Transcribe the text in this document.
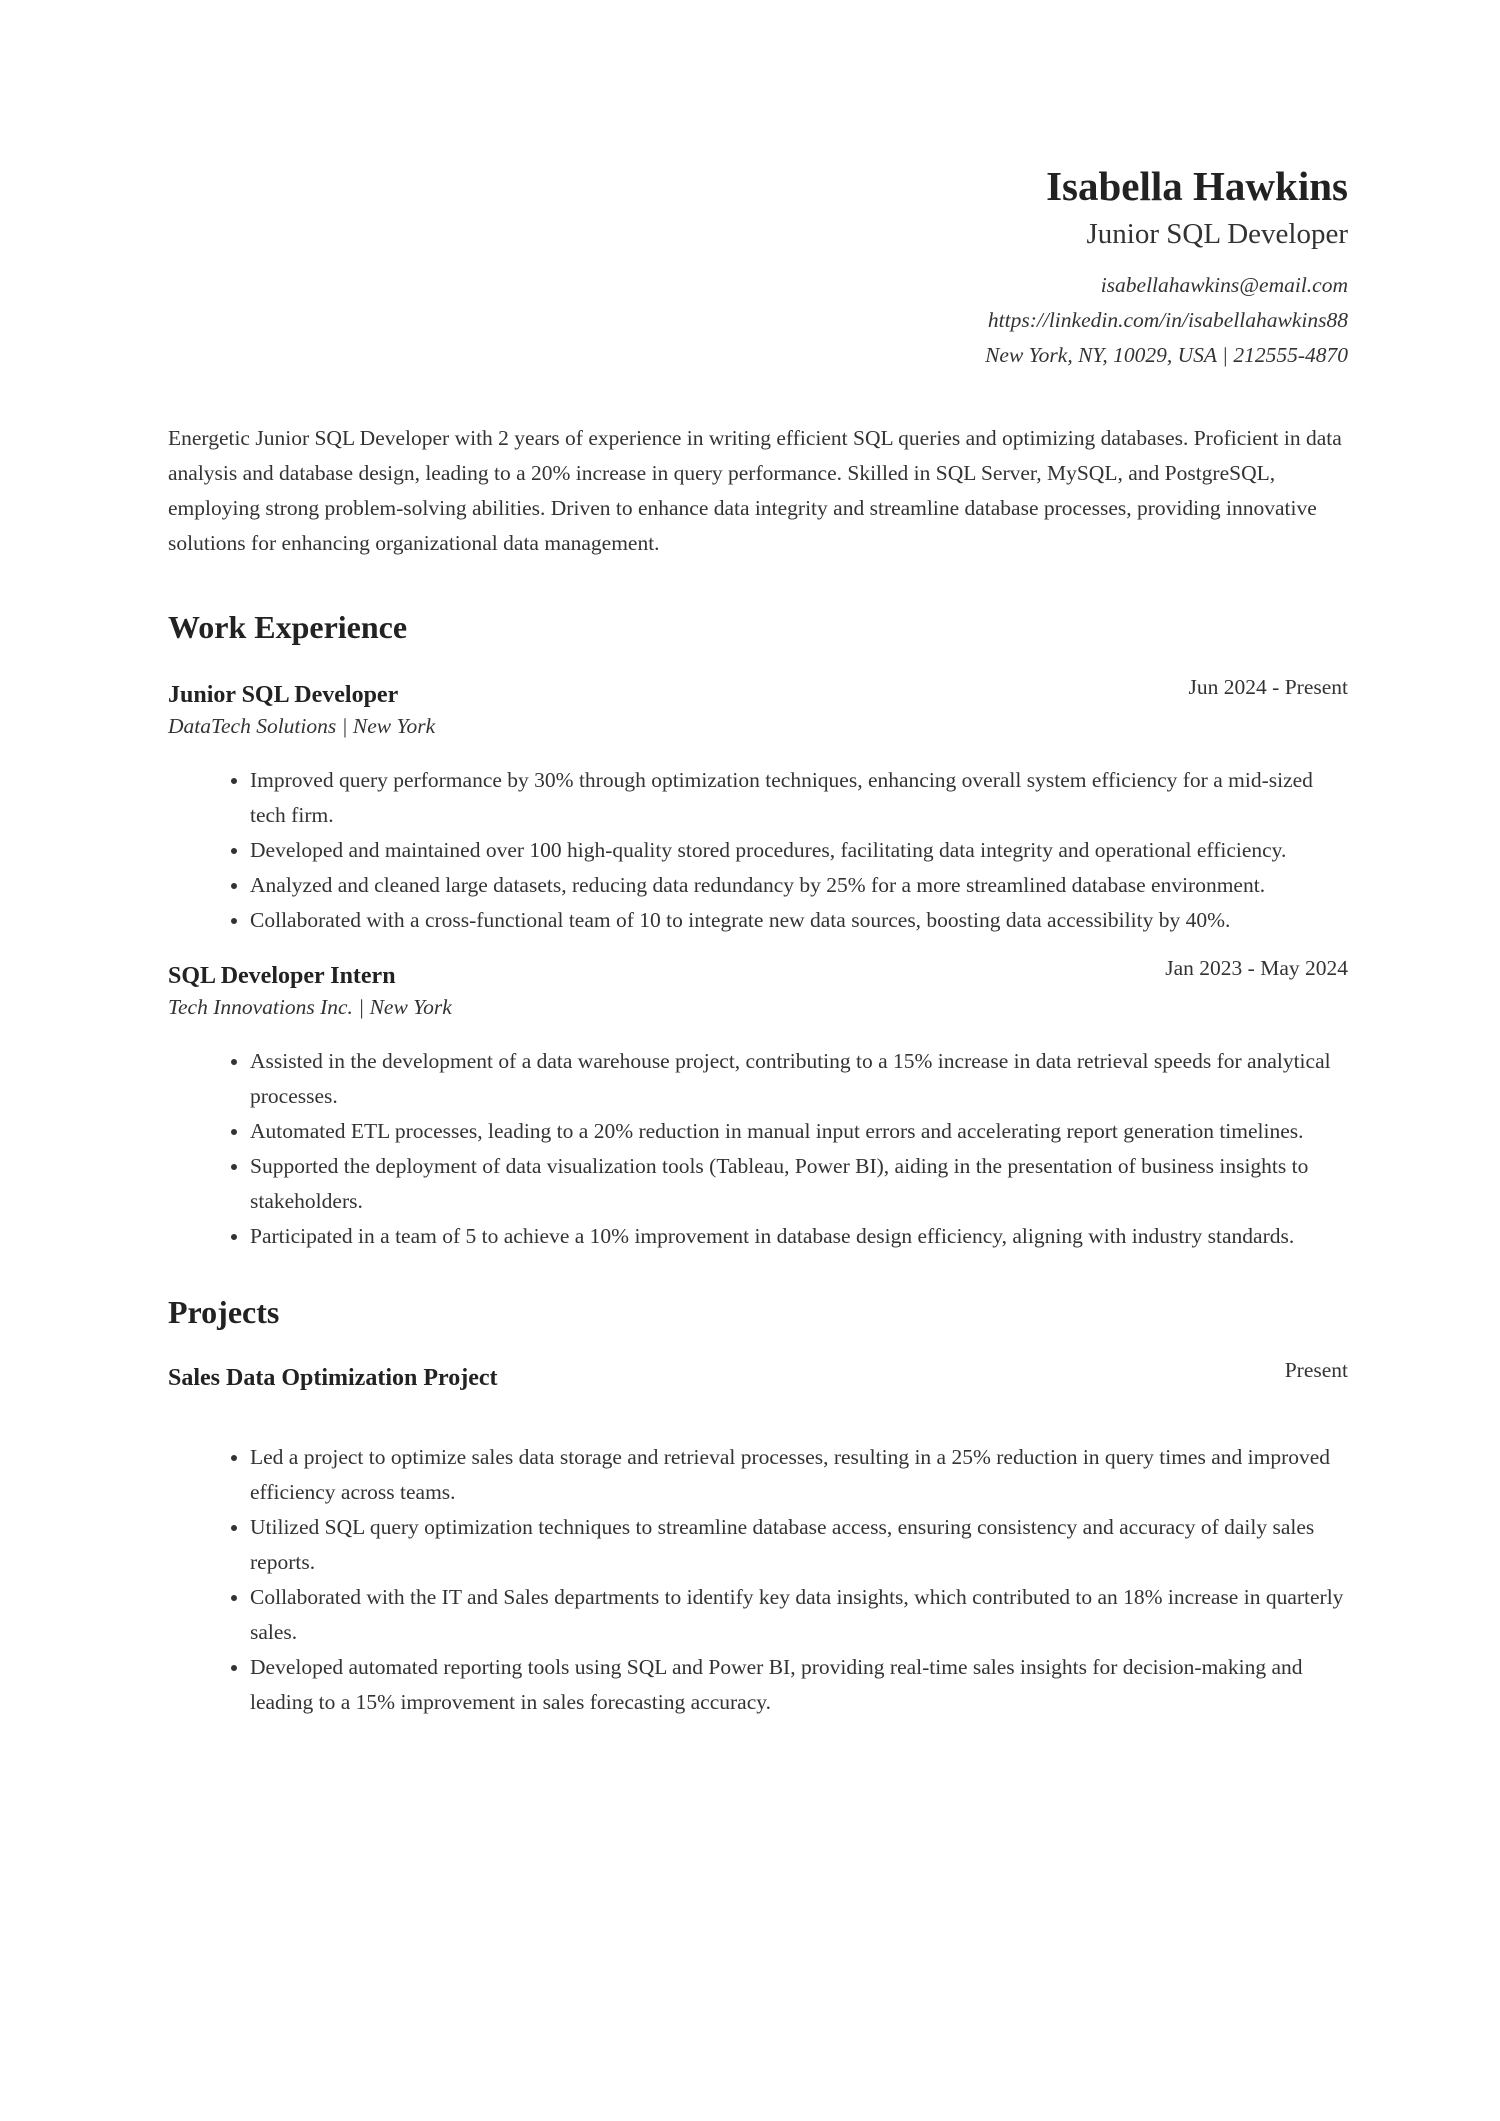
Isabella Hawkins
Junior SQL Developer
isabellahawkins@email.com
https://linkedin.com/in/isabellahawkins88
New York, NY, 10029, USA | 212555-4870
Energetic Junior SQL Developer with 2 years of experience in writing efficient SQL queries and optimizing databases. Proficient in data analysis and database design, leading to a 20% increase in query performance. Skilled in SQL Server, MySQL, and PostgreSQL, employing strong problem-solving abilities. Driven to enhance data integrity and streamline database processes, providing innovative solutions for enhancing organizational data management.
Work Experience
Junior SQL Developer	Jun 2024 - Present
DataTech Solutions | New York
• Improved query performance by 30% through optimization techniques, enhancing overall system efficiency for a mid-sized tech firm.
• Developed and maintained over 100 high-quality stored procedures, facilitating data integrity and operational efficiency.
• Analyzed and cleaned large datasets, reducing data redundancy by 25% for a more streamlined database environment.
• Collaborated with a cross-functional team of 10 to integrate new data sources, boosting data accessibility by 40%.
SQL Developer Intern	Jan 2023 - May 2024
Tech Innovations Inc. | New York
• Assisted in the development of a data warehouse project, contributing to a 15% increase in data retrieval speeds for analytical processes.
• Automated ETL processes, leading to a 20% reduction in manual input errors and accelerating report generation timelines.
• Supported the deployment of data visualization tools (Tableau, Power BI), aiding in the presentation of business insights to stakeholders.
• Participated in a team of 5 to achieve a 10% improvement in database design efficiency, aligning with industry standards.
Projects
Sales Data Optimization Project	Present
• Led a project to optimize sales data storage and retrieval processes, resulting in a 25% reduction in query times and improved efficiency across teams.
• Utilized SQL query optimization techniques to streamline database access, ensuring consistency and accuracy of daily sales reports.
• Collaborated with the IT and Sales departments to identify key data insights, which contributed to an 18% increase in quarterly sales.
• Developed automated reporting tools using SQL and Power BI, providing real-time sales insights for decision-making and leading to a 15% improvement in sales forecasting accuracy.
